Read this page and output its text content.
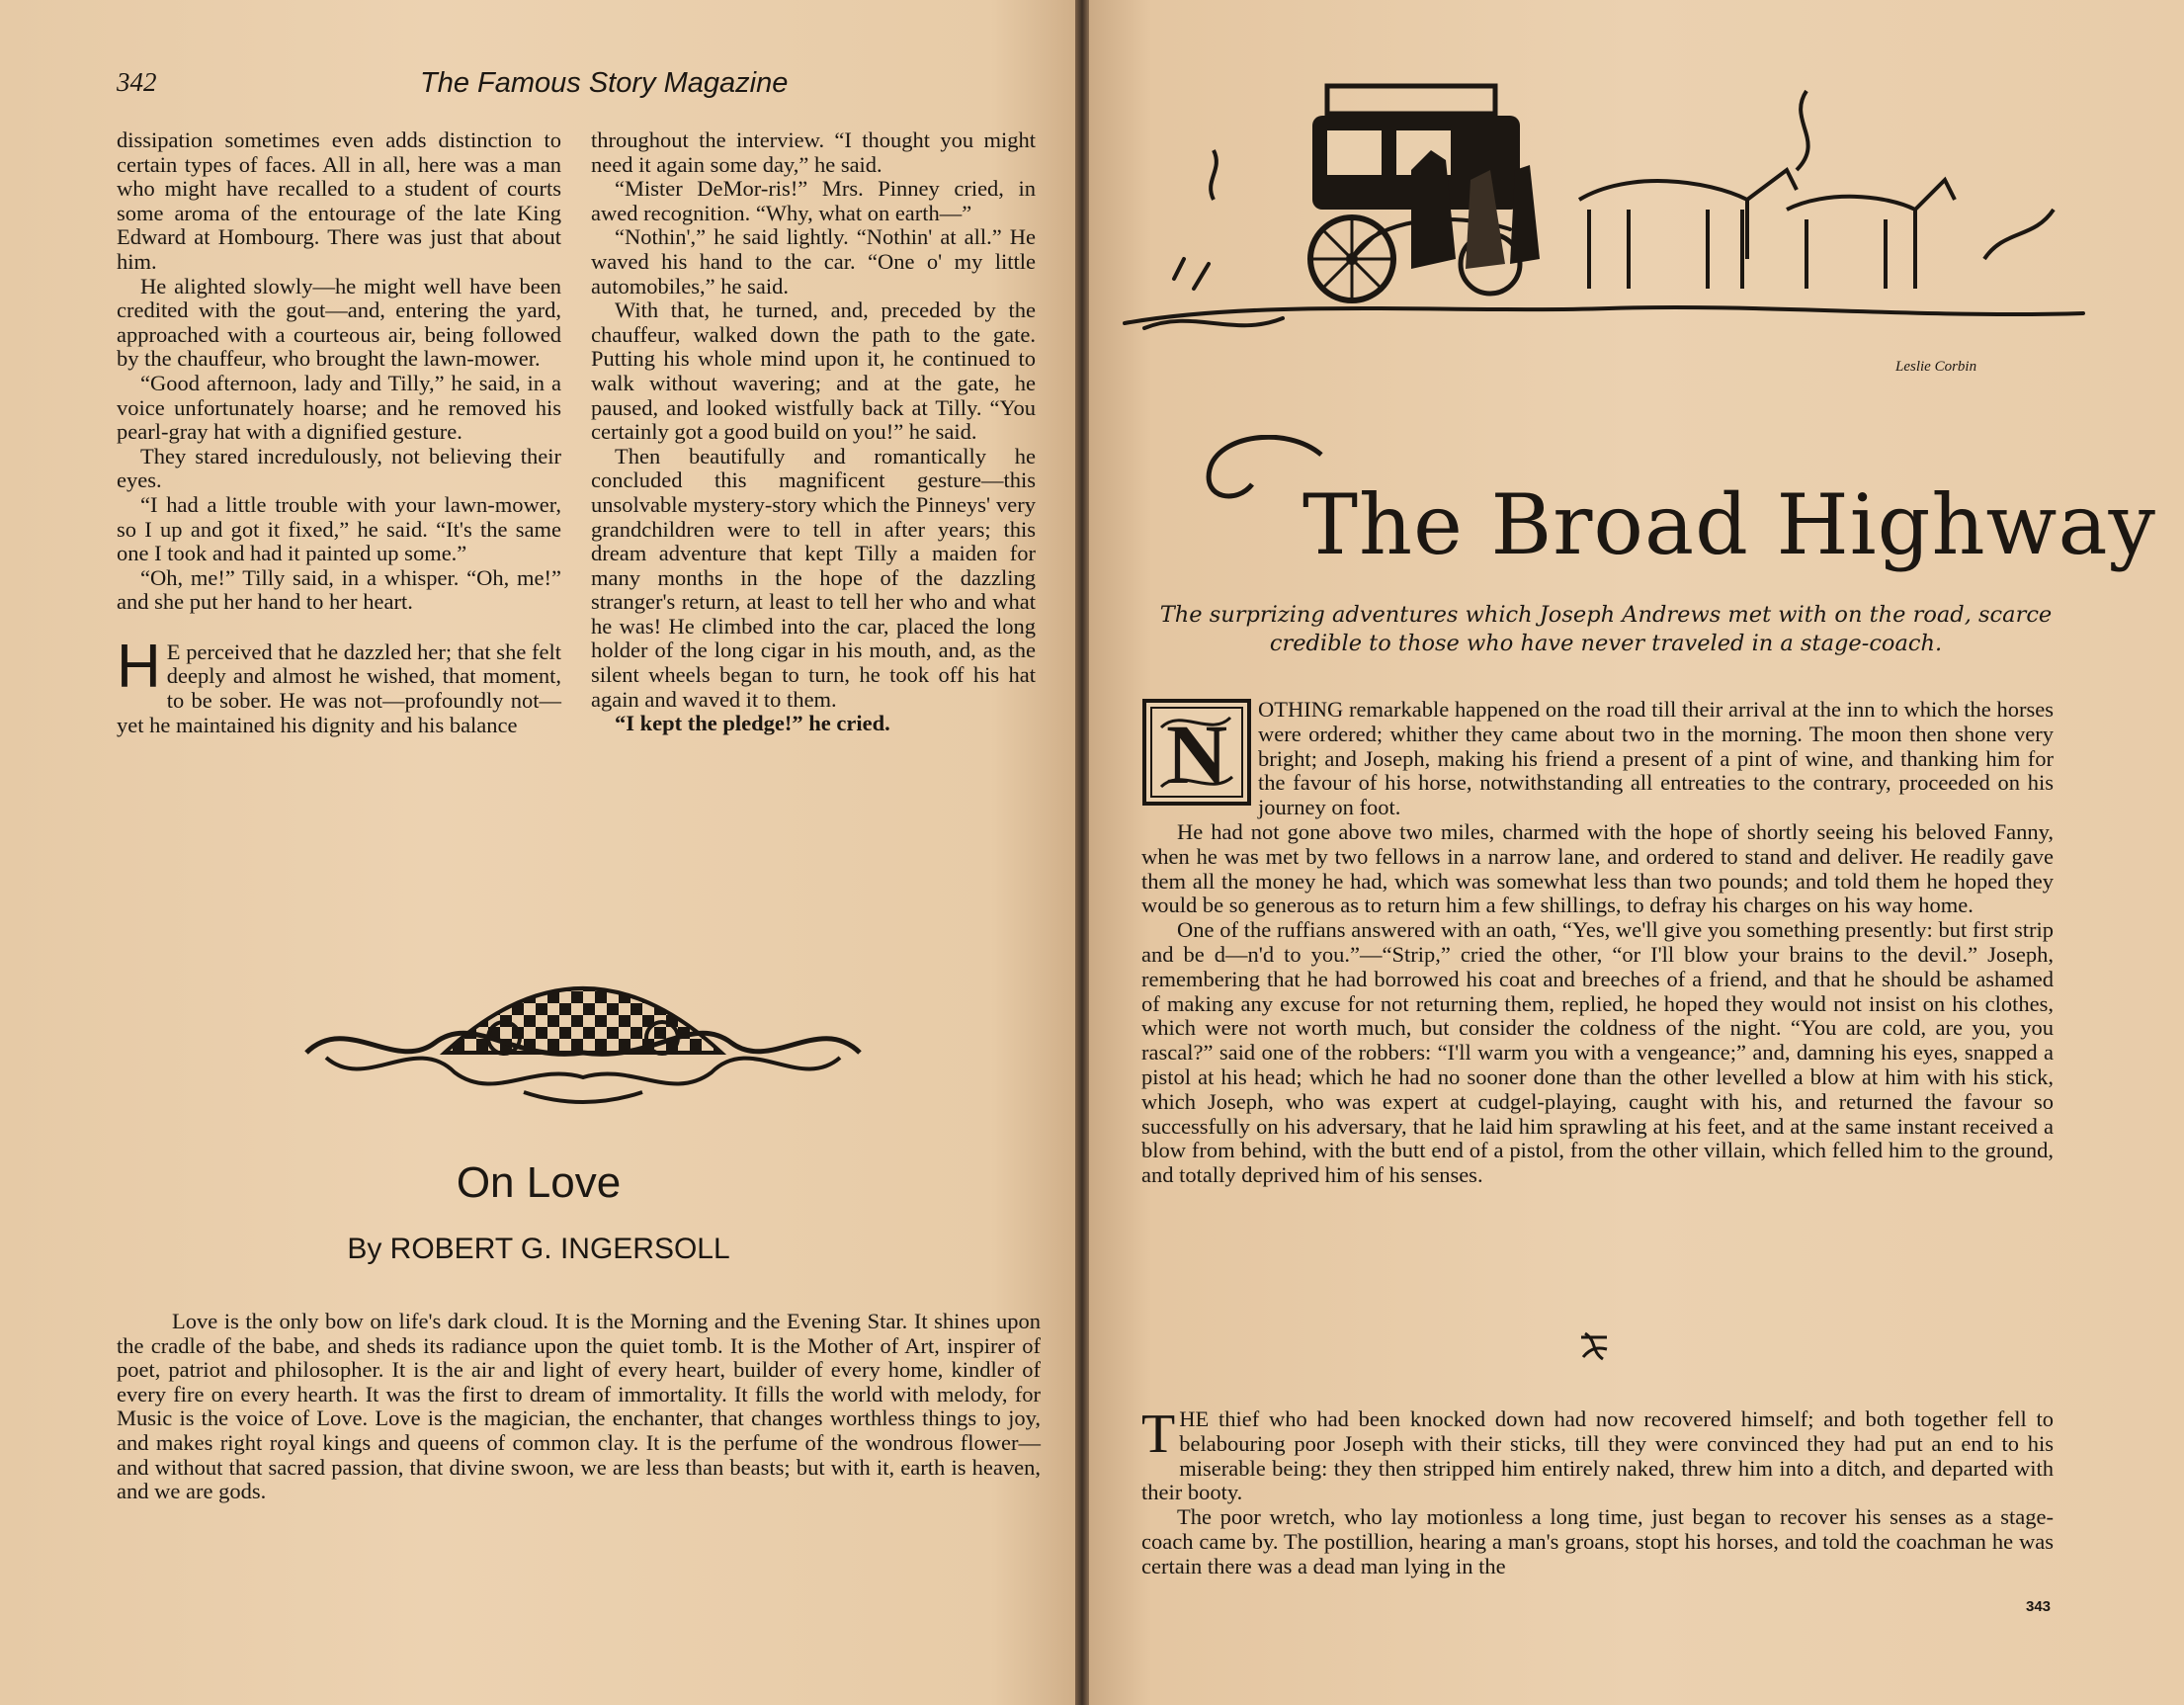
342	The Famous Story Magazine

dissipation sometimes even adds distinction to certain types of faces. All in all, here was a man who might have recalled to a student of courts some aroma of the entourage of the late King Edward at Hombourg. There was just that about him.

He alighted slowly—he might well have been credited with the gout—and, entering the yard, approached with a courteous air, being followed by the chauffeur, who brought the lawn-mower.

“Good afternoon, lady and Tilly,” he said, in a voice unfortunately hoarse; and he removed his pearl-gray hat with a dignified gesture.

They stared incredulously, not believing their eyes.

“I had a little trouble with your lawn-mower, so I up and got it fixed,” he said. “It's the same one I took and had it painted up some.”

“Oh, me!” Tilly said, in a whisper. “Oh, me!” and she put her hand to her heart.

H E perceived that he dazzled her; that she felt deeply and almost he wished, that moment, to be sober. He was not—profoundly not—yet he maintained his dignity and his balance

throughout the interview. “I thought you might need it again some day,” he said.

“Mister DeMor-ris!” Mrs. Pinney cried, in awed recognition. “Why, what on earth—”

“Nothin',” he said lightly. “Nothin' at all.” He waved his hand to the car. “One o' my little automobiles,” he said.

With that, he turned, and, preceded by the chauffeur, walked down the path to the gate. Putting his whole mind upon it, he continued to walk without wavering; and at the gate, he paused, and looked wistfully back at Tilly. “You certainly got a good build on you!” he said.

Then beautifully and romantically he concluded this magnificent gesture—this unsolvable mystery-story which the Pinneys' very grandchildren were to tell in after years; this dream adventure that kept Tilly a maiden for many months in the hope of the dazzling stranger's return, at least to tell her who and what he was! He climbed into the car, placed the long holder of the long cigar in his mouth, and, as the silent wheels began to turn, he took off his hat again and waved it to them.

“I kept the pledge!” he cried.

On Love
By ROBERT G. INGERSOLL

Love is the only bow on life's dark cloud. It is the Morning and the Evening Star. It shines upon the cradle of the babe, and sheds its radiance upon the quiet tomb. It is the Mother of Art, inspirer of poet, patriot and philosopher. It is the air and light of every heart, builder of every home, kindler of every fire on every hearth. It was the first to dream of immortality. It fills the world with melody, for Music is the voice of Love. Love is the magician, the enchanter, that changes worthless things to joy, and makes right royal kings and queens of common clay. It is the perfume of the wondrous flower—and without that sacred passion, that divine swoon, we are less than beasts; but with it, earth is heaven, and we are gods.

Leslie Corbin
The Broad Highway
The surprizing adventures which Joseph Andrews met with on the road, scarce credible to those who have never traveled in a stage-coach.

N OTHING remarkable happened on the road till their arrival at the inn to which the horses were ordered; whither they came about two in the morning. The moon then shone very bright; and Joseph, making his friend a present of a pint of wine, and thanking him for the favour of his horse, notwithstanding all entreaties to the contrary, proceeded on his journey on foot.

He had not gone above two miles, charmed with the hope of shortly seeing his beloved Fanny, when he was met by two fellows in a narrow lane, and ordered to stand and deliver. He readily gave them all the money he had, which was somewhat less than two pounds; and told them he hoped they would be so generous as to return him a few shillings, to defray his charges on his way home.

One of the ruffians answered with an oath, “Yes, we'll give you something presently: but first strip and be d—n'd to you.”—“Strip,” cried the other, “or I'll blow your brains to the devil.” Joseph, remembering that he had borrowed his coat and breeches of a friend, and that he should be ashamed of making any excuse for not returning them, replied, he hoped they would not insist on his clothes, which were not worth much, but consider the coldness of the night. “You are cold, are you, you rascal?” said one of the robbers: “I'll warm you with a vengeance;” and, damning his eyes, snapped a pistol at his head; which he had no sooner done than the other levelled a blow at him with his stick, which Joseph, who was expert at cudgel-playing, caught with his, and returned the favour so successfully on his adversary, that he laid him sprawling at his feet, and at the same instant received a blow from behind, with the butt end of a pistol, from the other villain, which felled him to the ground, and totally deprived him of his senses.

THE thief who had been knocked down had now recovered himself; and both together fell to belabouring poor Joseph with their sticks, till they were convinced they had put an end to his miserable being: they then stripped him entirely naked, threw him into a ditch, and departed with their booty.

The poor wretch, who lay motionless a long time, just began to recover his senses as a stage-coach came by. The postillion, hearing a man's groans, stopt his horses, and told the coachman he was certain there was a dead man lying in the

343
